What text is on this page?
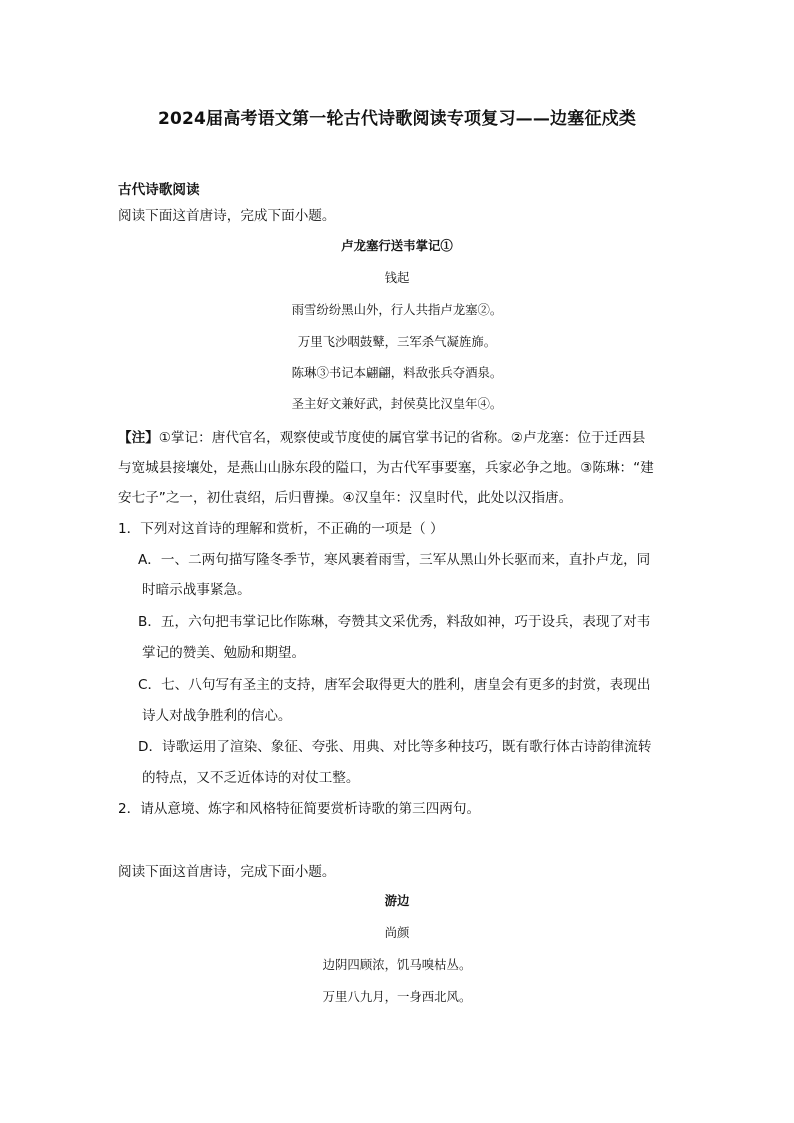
2024届高考语文第一轮古代诗歌阅读专项复习——边塞征戍类
古代诗歌阅读
阅读下面这首唐诗，完成下面小题。
卢龙塞行送韦掌记①
钱起
雨雪纷纷黑山外，行人共指卢龙塞②。
万里飞沙咽鼓鼙，三军杀气凝旌旆。
陈琳③书记本翩翩，料敌张兵夺酒泉。
圣主好文兼好武，封侯莫比汉皇年④。
【注】①掌记：唐代官名，观察使或节度使的属官掌书记的省称。②卢龙塞：位于迁西县
与宽城县接壤处，是燕山山脉东段的隘口，为古代军事要塞，兵家必争之地。③陈琳：“建
安七子”之一，初仕袁绍，后归曹操。④汉皇年：汉皇时代，此处以汉指唐。
1．下列对这首诗的理解和赏析，不正确的一项是（ ）
A．一、二两句描写隆冬季节，寒风裹着雨雪，三军从黑山外长驱而来，直扑卢龙，同
时暗示战事紧急。
B．五，六句把韦掌记比作陈琳，夸赞其文采优秀，料敌如神，巧于设兵，表现了对韦
掌记的赞美、勉励和期望。
C．七、八句写有圣主的支持，唐军会取得更大的胜利，唐皇会有更多的封赏，表现出
诗人对战争胜利的信心。
D．诗歌运用了渲染、象征、夸张、用典、对比等多种技巧，既有歌行体古诗韵律流转
的特点，又不乏近体诗的对仗工整。
2．请从意境、炼字和风格特征简要赏析诗歌的第三四两句。
阅读下面这首唐诗，完成下面小题。
游边
尚颜
边阴四顾浓，饥马嗅枯丛。
万里八九月，一身西北风。
